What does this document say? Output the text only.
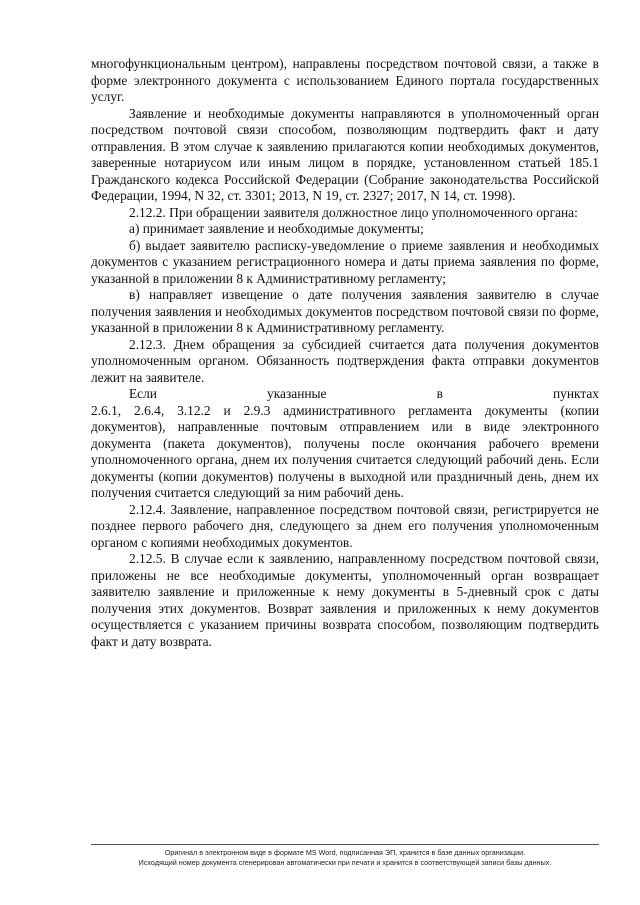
многофункциональным центром), направлены посредством почтовой связи, а также в форме электронного документа с использованием Единого портала государственных услуг.

Заявление и необходимые документы направляются в уполномоченный орган посредством почтовой связи способом, позволяющим подтвердить факт и дату отправления. В этом случае к заявлению прилагаются копии необходимых документов, заверенные нотариусом или иным лицом в порядке, установленном статьей 185.1 Гражданского кодекса Российской Федерации (Собрание законодательства Российской Федерации, 1994, N 32, ст. 3301; 2013, N 19, ст. 2327; 2017, N 14, ст. 1998).

2.12.2. При обращении заявителя должностное лицо уполномоченного органа:

а) принимает заявление и необходимые документы;

б) выдает заявителю расписку-уведомление о приеме заявления и необходимых документов с указанием регистрационного номера и даты приема заявления по форме, указанной в приложении 8 к Административному регламенту;

в) направляет извещение о дате получения заявления заявителю в случае получения заявления и необходимых документов посредством почтовой связи по форме, указанной в приложении 8 к Административному регламенту.

2.12.3. Днем обращения за субсидией считается дата получения документов уполномоченным органом. Обязанность подтверждения факта отправки документов лежит на заявителе.

Если указанные в пунктах

2.6.1, 2.6.4, 3.12.2 и 2.9.3 административного регламента документы (копии документов), направленные почтовым отправлением или в виде электронного документа (пакета документов), получены после окончания рабочего времени уполномоченного органа, днем их получения считается следующий рабочий день. Если документы (копии документов) получены в выходной или праздничный день, днем их получения считается следующий за ним рабочий день.

2.12.4. Заявление, направленное посредством почтовой связи, регистрируется не позднее первого рабочего дня, следующего за днем его получения уполномоченным органом с копиями необходимых документов.

2.12.5. В случае если к заявлению, направленному посредством почтовой связи, приложены не все необходимые документы, уполномоченный орган возвращает заявителю заявление и приложенные к нему документы в 5-дневный срок с даты получения этих документов. Возврат заявления и приложенных к нему документов осуществляется с указанием причины возврата способом, позволяющим подтвердить факт и дату возврата.

Оригинал в электронном виде в формате MS Word, подписанная ЭП, хранится в базе данных организации.
Исходящий номер документа сгенерирован автоматически при печати и хранится в соответствующей записи базы данных.
